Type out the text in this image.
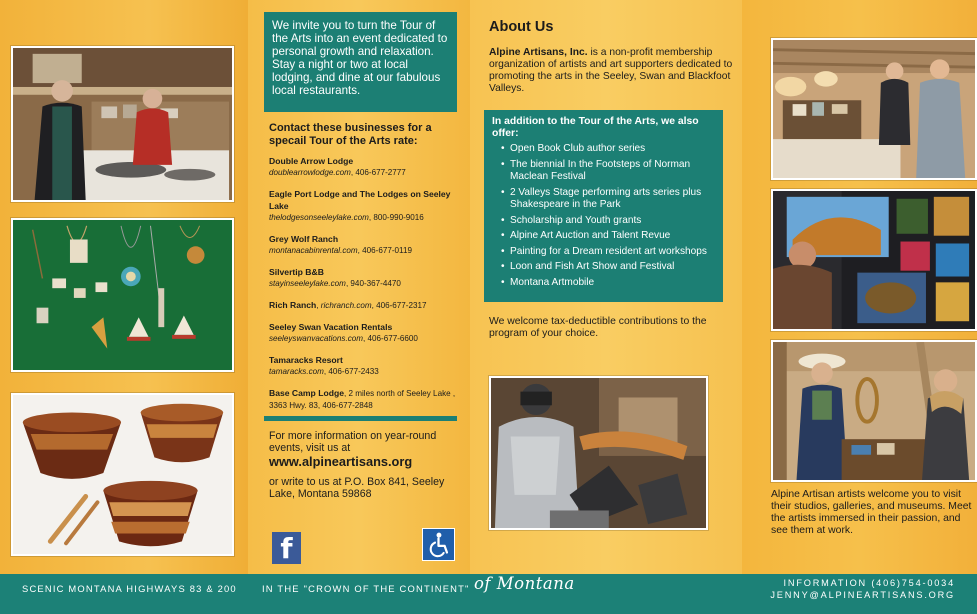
We invite you to turn the Tour of the Arts into an event dedicated to personal growth and relaxation. Stay a night or two at local lodging, and dine at our fabulous local restaurants.
Contact these businesses for a specail Tour of the Arts rate:
Double Arrow Lodge
doublearrowlodge.com, 406-677-2777
Eagle Port Lodge and The Lodges on Seeley Lake
thelodgesonseeleylake.com, 800-990-9016
Grey Wolf Ranch
montanacabinrental.com, 406-677-0119
Silvertip B&B
stayinseeleylake.com, 940-367-4470
Rich Ranch, richranch.com, 406-677-2317
Seeley Swan Vacation Rentals
seeleyswanvacations.com, 406-677-6600
Tamaracks Resort
tamaracks.com, 406-677-2433
Base Camp Lodge, 2 miles north of Seeley Lake , 3363 Hwy. 83, 406-677-2848
For more information on year-round events, visit us at
www.alpineartisans.org
or write to us at P.O. Box 841, Seeley Lake, Montana 59868
f
About Us
Alpine Artisans, Inc. is a non-profit membership organization of artists and art supporters dedicated to promoting the arts in the Seeley, Swan and Blackfoot Valleys.
In addition to the Tour of the Arts, we also offer:
• Open Book Club author series
• The biennial In the Footsteps of Norman Maclean Festival
• 2 Valleys Stage performing arts series plus Shakespeare in the Park
• Scholarship and Youth grants
• Alpine Art Auction and Talent Revue
• Painting for a Dream resident art workshops
• Loon and Fish Art Show and Festival
• Montana Artmobile
We welcome tax-deductible contributions to the program of your choice.
Alpine Artisan artists welcome you to visit their studios, galleries, and museums. Meet the artists immersed in their passion, and see them at work.
SCENIC MONTANA HIGHWAYS 83 & 200	IN THE "CROWN OF THE CONTINENT" of Montana	INFORMATION (406)754-0034
JENNY@ALPINEARTISANS.ORG
